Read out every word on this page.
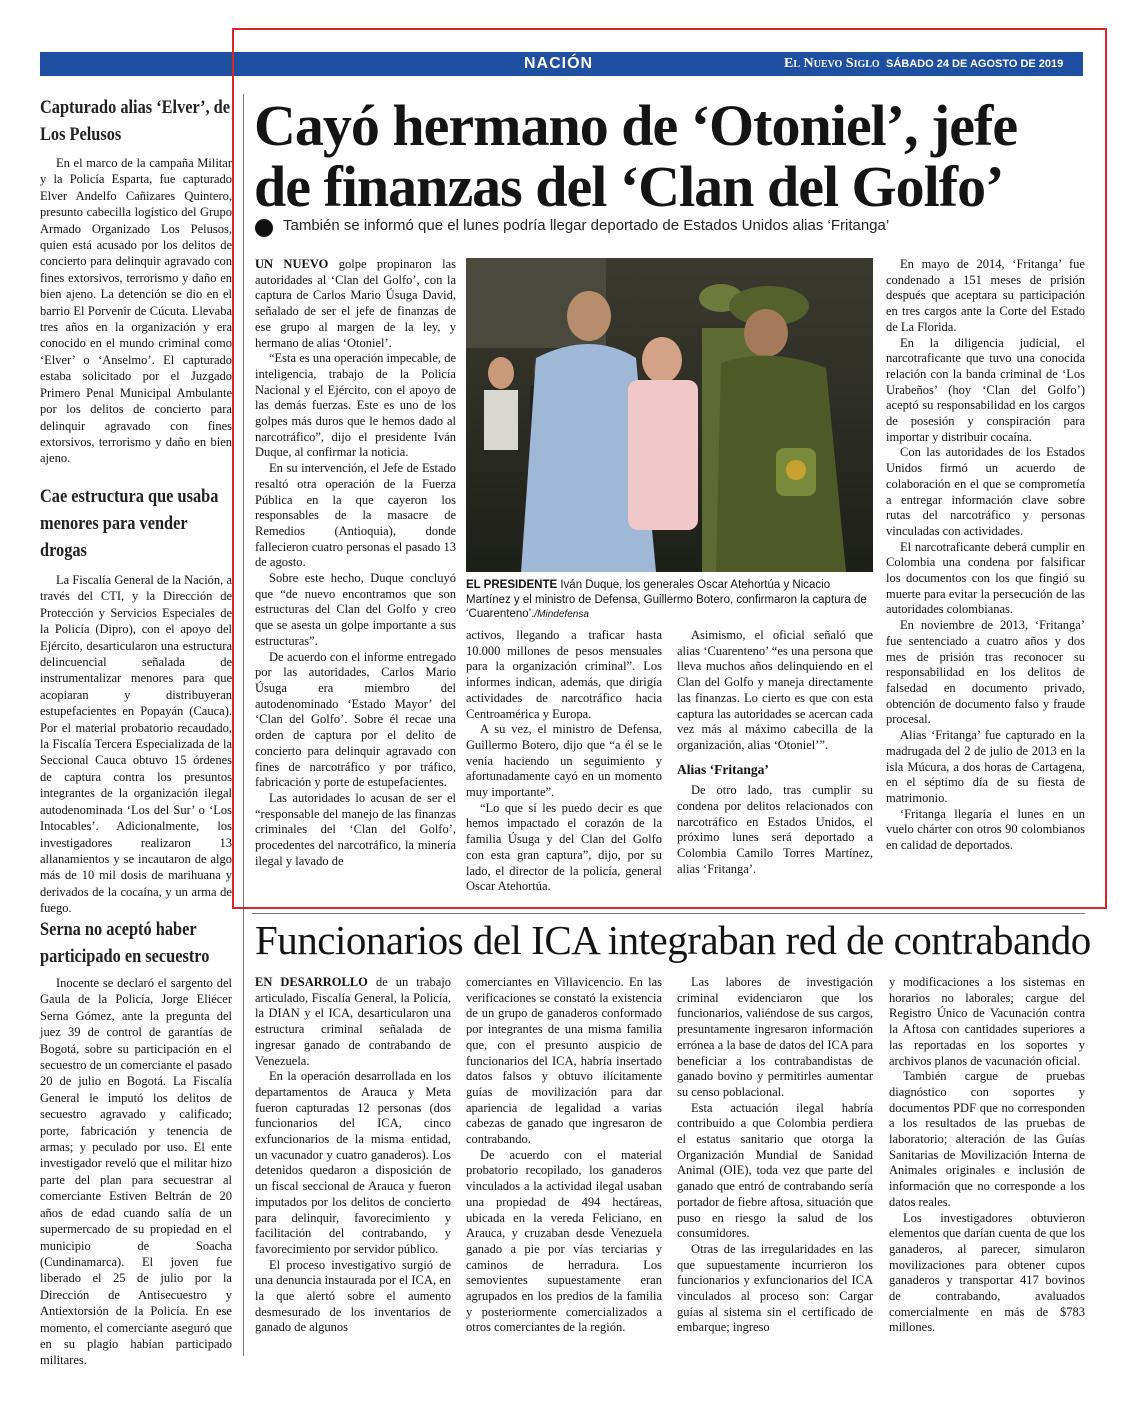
NACIÓN	El Nuevo Siglo SÁBADO 24 DE AGOSTO DE 2019 9B
Capturado alias ‘Elver’, de Los Pelusos
En el marco de la campaña Militar y la Policía Esparta, fue capturado Elver Andelfo Cañizares Quintero, presunto cabecilla logístico del Grupo Armado Organizado Los Pelusos, quien está acusado por los delitos de concierto para delinquir agravado con fines extorsivos, terrorismo y daño en bien ajeno. La detención se dio en el barrio El Porvenir de Cúcuta. Llevaba tres años en la organización y era conocido en el mundo criminal como ‘Elver’ o ‘Anselmo’. El capturado estaba solicitado por el Juzgado Primero Penal Municipal Ambulante por los delitos de concierto para delinquir agravado con fines extorsivos, terrorismo y daño en bien ajeno.
Cae estructura que usaba menores para vender drogas
La Fiscalía General de la Nación, a través del CTI, y la Dirección de Protección y Servicios Especiales de la Policía (Dipro), con el apoyo del Ejército, desarticularon una estructura delincuencial señalada de instrumentalizar menores para que acopiaran y distribuyeran estupefacientes en Popayán (Cauca). Por el material probatorio recaudado, la Fiscalía Tercera Especializada de la Seccional Cauca obtuvo 15 órdenes de captura contra los presuntos integrantes de la organización ilegal autodenominada ‘Los del Sur’ o ‘Los Intocables’. Adicionalmente, los investigadores realizaron 13 allanamientos y se incautaron de algo más de 10 mil dosis de marihuana y derivados de la cocaína, y un arma de fuego.
Serna no aceptó haber participado en secuestro
Inocente se declaró el sargento del Gaula de la Policía, Jorge Eliécer Serna Gómez, ante la pregunta del juez 39 de control de garantías de Bogotá, sobre su participación en el secuestro de un comerciante el pasado 20 de julio en Bogotá. La Fiscalía General le imputó los delitos de secuestro agravado y calificado; porte, fabricación y tenencia de armas; y peculado por uso. El ente investigador reveló que el militar hizo parte del plan para secuestrar al comerciante Estiven Beltrán de 20 años de edad cuando salía de un supermercado de su propiedad en el municipio de Soacha (Cundinamarca). El joven fue liberado el 25 de julio por la Dirección de Antisecuestro y Antiextorsión de la Policía. En ese momento, el comerciante aseguró que en su plagio habían participado militares.
Cayó hermano de ‘Otoniel’, jefe
de finanzas del ‘Clan del Golfo’
También se informó que el lunes podría llegar deportado de Estados Unidos alias ‘Fritanga’

UN NUEVO golpe propinaron las autoridades al ‘Clan del Golfo’, con la captura de Carlos Mario Úsuga David, señalado de ser el jefe de finanzas de ese grupo al margen de la ley, y hermano de alias ‘Otoniel’.

“Esta es una operación impecable, de inteligencia, trabajo de la Policía Nacional y el Ejército, con el apoyo de las demás fuerzas. Este es uno de los golpes más duros que le hemos dado al narcotráfico”, dijo el presidente Iván Duque, al confirmar la noticia.

En su intervención, el Jefe de Estado resaltó otra operación de la Fuerza Pública en la que cayeron los responsables de la masacre de Remedios (Antioquia), donde fallecieron cuatro personas el pasado 13 de agosto.

Sobre este hecho, Duque concluyó que “de nuevo encontramos que son estructuras del Clan del Golfo y creo que se asesta un golpe importante a sus estructuras”.

De acuerdo con el informe entregado por las autoridades, Carlos Mario Úsuga era miembro del autodenominado ‘Estado Mayor’ del ‘Clan del Golfo’. Sobre él recae una orden de captura por el delito de concierto para delinquir agravado con fines de narcotráfico y por tráfico, fabricación y porte de estupefacientes.

Las autoridades lo acusan de ser el “responsable del manejo de las finanzas criminales del ‘Clan del Golfo’, procedentes del narcotráfico, la minería ilegal y lavado de

EL PRESIDENTE Iván Duque, los generales Oscar Atehortúa y Nicacio Martínez y el ministro de Defensa, Guillermo Botero, confirmaron la captura de ‘Cuarenteno’./Mindefensa

activos, llegando a traficar hasta 10.000 millones de pesos mensuales para la organización criminal”. Los informes indican, además, que dirigía actividades de narcotráfico hacia Centroamérica y Europa.

A su vez, el ministro de Defensa, Guillermo Botero, dijo que “a él se le venía haciendo un seguimiento y afortunadamente cayó en un momento muy importante”.

“Lo que sí les puedo decir es que hemos impactado el corazón de la familia Úsuga y del Clan del Golfo con esta gran captura”, dijo, por su lado, el director de la policía, general Oscar Atehortúa.

Asimismo, el oficial señaló que alias ‘Cuarenteno’ “es una persona que lleva muchos años delinquiendo en el Clan del Golfo y maneja directamente las finanzas. Lo cierto es que con esta captura las autoridades se acercan cada vez más al máximo cabecilla de la organización, alias ‘Otoniel’”.

Alias ‘Fritanga’

De otro lado, tras cumplir su condena por delitos relacionados con narcotráfico en Estados Unidos, el próximo lunes será deportado a Colombia Camilo Torres Martínez, alias ‘Fritanga’.

En mayo de 2014, ‘Fritanga’ fue condenado a 151 meses de prisión después que aceptara su participación en tres cargos ante la Corte del Estado de La Florida.

En la diligencia judicial, el narcotraficante que tuvo una conocida relación con la banda criminal de ‘Los Urabeños’ (hoy ‘Clan del Golfo’) aceptó su responsabilidad en los cargos de posesión y conspiración para importar y distribuir cocaína.

Con las autoridades de los Estados Unidos firmó un acuerdo de colaboración en el que se comprometía a entregar información clave sobre rutas del narcotráfico y personas vinculadas con actividades.

El narcotraficante deberá cumplir en Colombia una condena por falsificar los documentos con los que fingió su muerte para evitar la persecución de las autoridades colombianas.

En noviembre de 2013, ‘Fritanga’ fue sentenciado a cuatro años y dos mes de prisión tras reconocer su responsabilidad en los delitos de falsedad en documento privado, obtención de documento falso y fraude procesal.

Alias ‘Fritanga’ fue capturado en la madrugada del 2 de julio de 2013 en la isla Múcura, a dos horas de Cartagena, en el séptimo día de su fiesta de matrimonio.

‘Fritanga llegaría el lunes en un vuelo chárter con otros 90 colombianos en calidad de deportados.

Funcionarios del ICA integraban red de contrabando

EN DESARROLLO de un trabajo articulado, Fiscalía General, la Policía, la DIAN y el ICA, desarticularon una estructura criminal señalada de ingresar ganado de contrabando de Venezuela.

En la operación desarrollada en los departamentos de Arauca y Meta fueron capturadas 12 personas (dos funcionarios del ICA, cinco exfuncionarios de la misma entidad, un vacunador y cuatro ganaderos). Los detenidos quedaron a disposición de un fiscal seccional de Arauca y fueron imputados por los delitos de concierto para delinquir, favorecimiento y facilitación del contrabando, y favorecimiento por servidor público.

El proceso investigativo surgió de una denuncia instaurada por el ICA, en la que alertó sobre el aumento desmesurado de los inventarios de ganado de algunos

comerciantes en Villavicencio. En las verificaciones se constató la existencia de un grupo de ganaderos conformado por integrantes de una misma familia que, con el presunto auspicio de funcionarios del ICA, habría insertado datos falsos y obtuvo ilícitamente guías de movilización para dar apariencia de legalidad a varias cabezas de ganado que ingresaron de contrabando.

De acuerdo con el material probatorio recopilado, los ganaderos vinculados a la actividad ilegal usaban una propiedad de 494 hectáreas, ubicada en la vereda Feliciano, en Arauca, y cruzaban desde Venezuela ganado a pie por vías terciarias y caminos de herradura. Los semovientes supuestamente eran agrupados en los predios de la familia y posteriormente comercializados a otros comerciantes de la región.

Las labores de investigación criminal evidenciaron que los funcionarios, valiéndose de sus cargos, presuntamente ingresaron información errónea a la base de datos del ICA para beneficiar a los contrabandistas de ganado bovino y permitirles aumentar su censo poblacional.

Esta actuación ilegal habría contribuido a que Colombia perdiera el estatus sanitario que otorga la Organización Mundial de Sanidad Animal (OIE), toda vez que parte del ganado que entró de contrabando sería portador de fiebre aftosa, situación que puso en riesgo la salud de los consumidores.

Otras de las irregularidades en las que supuestamente incurrieron los funcionarios y exfuncionarios del ICA vinculados al proceso son: Cargar guías al sistema sin el certificado de embarque; ingreso

y modificaciones a los sistemas en horarios no laborales; cargue del Registro Único de Vacunación contra la Aftosa con cantidades superiores a las reportadas en los soportes y archivos planos de vacunación oficial.

También cargue de pruebas diagnóstico con soportes y documentos PDF que no corresponden a los resultados de las pruebas de laboratorio; alteración de las Guías Sanitarias de Movilización Interna de Animales originales e inclusión de información que no corresponde a los datos reales.

Los investigadores obtuvieron elementos que darían cuenta de que los ganaderos, al parecer, simularon movilizaciones para obtener cupos ganaderos y transportar 417 bovinos de contrabando, avaluados comercialmente en más de $783 millones.
